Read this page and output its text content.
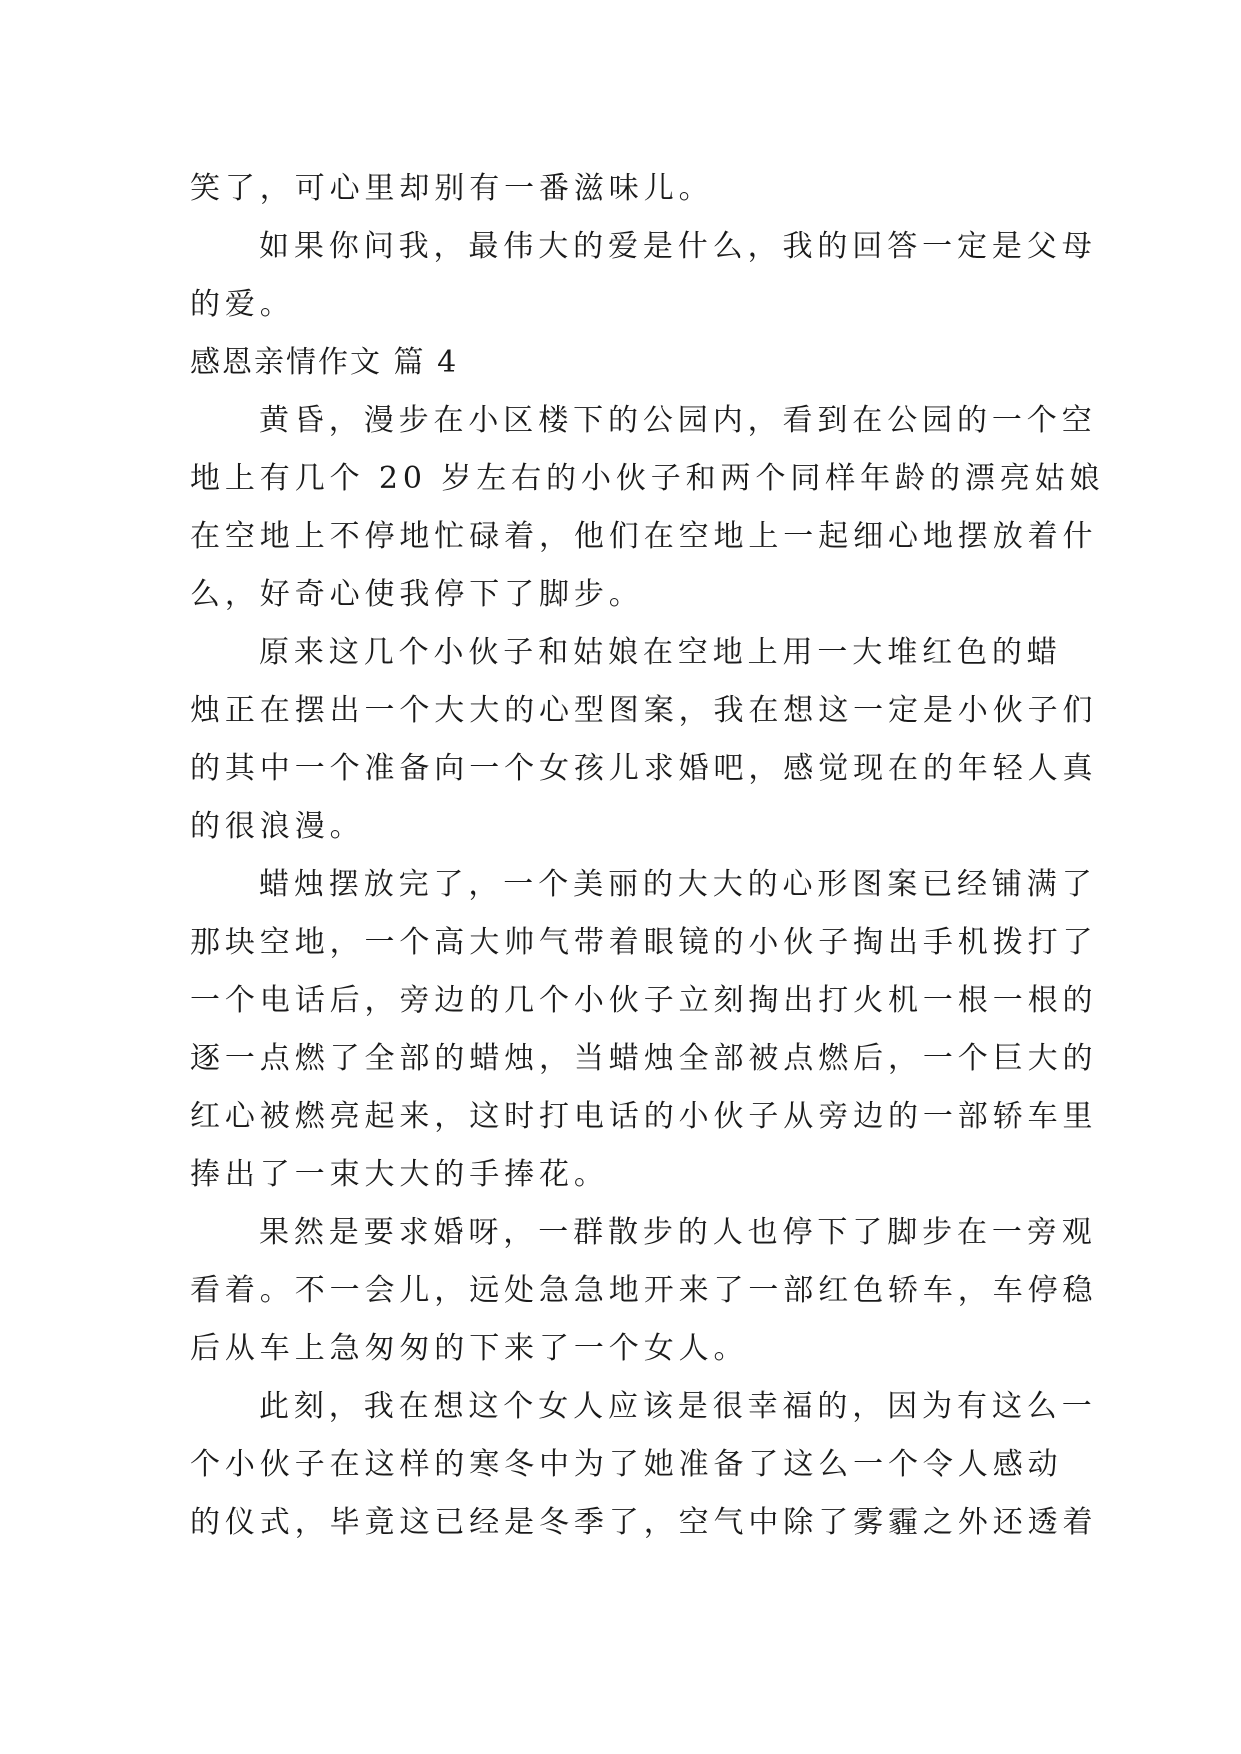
笑了，可心里却别有一番滋味儿。
如果你问我，最伟大的爱是什么，我的回答一定是父母
的爱。
感恩亲情作文 篇 4
黄昏，漫步在小区楼下的公园内，看到在公园的一个空
地上有几个 20 岁左右的小伙子和两个同样年龄的漂亮姑娘
在空地上不停地忙碌着，他们在空地上一起细心地摆放着什
么，好奇心使我停下了脚步。
原来这几个小伙子和姑娘在空地上用一大堆红色的蜡
烛正在摆出一个大大的心型图案，我在想这一定是小伙子们
的其中一个准备向一个女孩儿求婚吧，感觉现在的年轻人真
的很浪漫。
蜡烛摆放完了，一个美丽的大大的心形图案已经铺满了
那块空地，一个高大帅气带着眼镜的小伙子掏出手机拨打了
一个电话后，旁边的几个小伙子立刻掏出打火机一根一根的
逐一点燃了全部的蜡烛，当蜡烛全部被点燃后，一个巨大的
红心被燃亮起来，这时打电话的小伙子从旁边的一部轿车里
捧出了一束大大的手捧花。
果然是要求婚呀，一群散步的人也停下了脚步在一旁观
看着。不一会儿，远处急急地开来了一部红色轿车，车停稳
后从车上急匆匆的下来了一个女人。
此刻，我在想这个女人应该是很幸福的，因为有这么一
个小伙子在这样的寒冬中为了她准备了这么一个令人感动
的仪式，毕竟这已经是冬季了，空气中除了雾霾之外还透着
